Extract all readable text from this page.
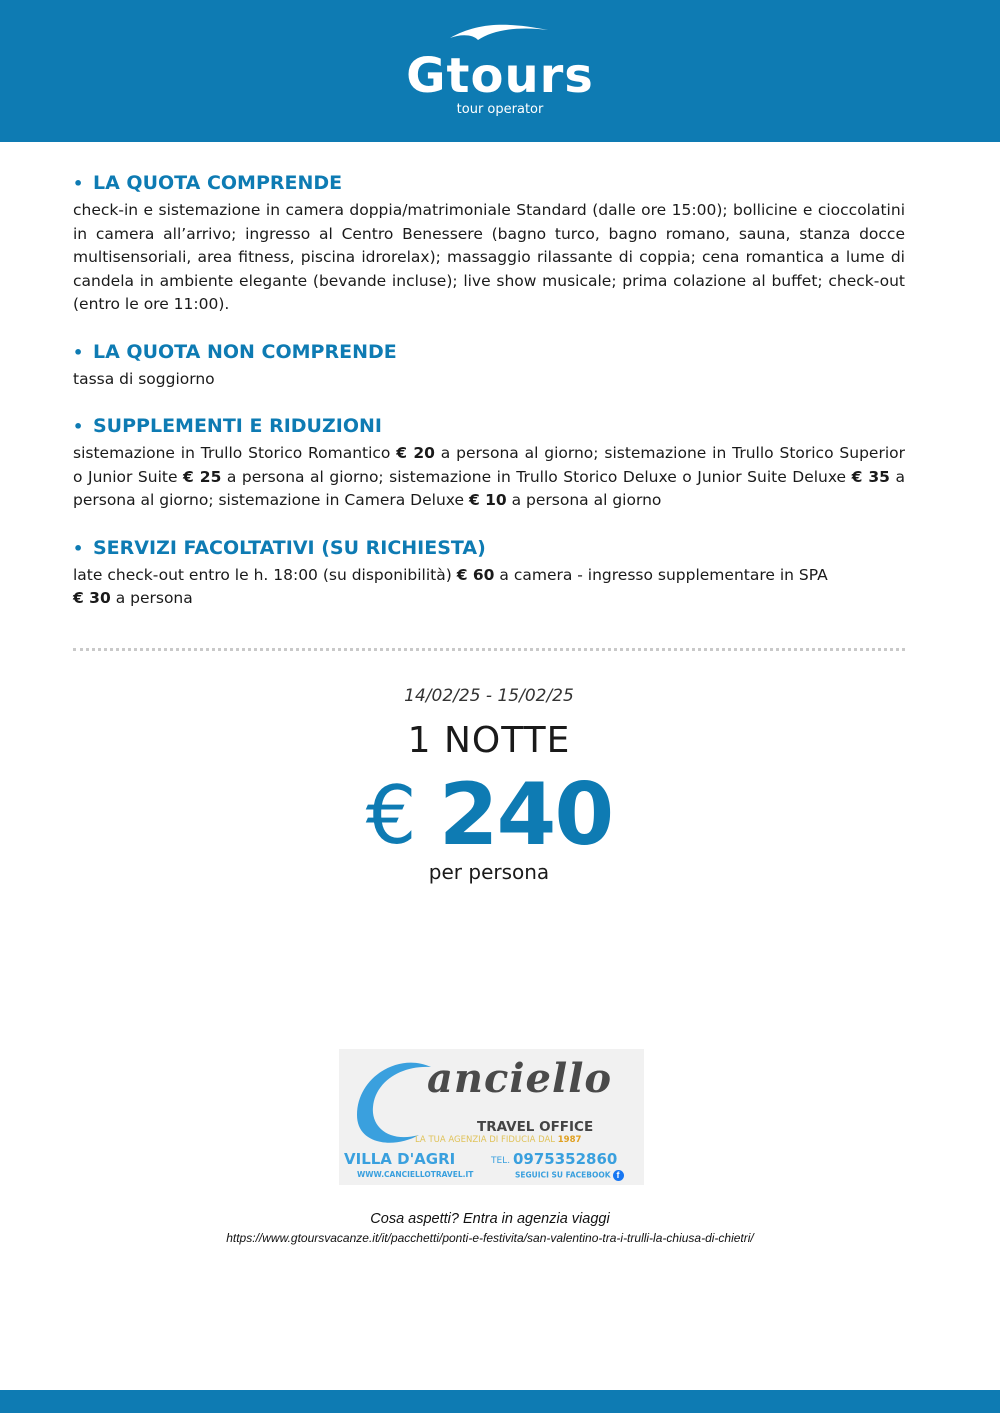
Gtours
tour operator
• LA QUOTA COMPRENDE
check-in e sistemazione in camera doppia/matrimoniale Standard (dalle ore 15:00); bollicine e cioccolatini in camera all’arrivo; ingresso al Centro Benessere (bagno turco, bagno romano, sauna, stanza docce multisensoriali, area fitness, piscina idrorelax); massaggio rilassante di coppia; cena romantica a lume di candela in ambiente elegante (bevande incluse); live show musicale; prima colazione al buffet; check-out (entro le ore 11:00).
• LA QUOTA NON COMPRENDE
tassa di soggiorno
• SUPPLEMENTI E RIDUZIONI
sistemazione in Trullo Storico Romantico € 20 a persona al giorno; sistemazione in Trullo Storico Superior o Junior Suite € 25 a persona al giorno; sistemazione in Trullo Storico Deluxe o Junior Suite Deluxe € 35 a persona al giorno; sistemazione in Camera Deluxe € 10 a persona al giorno
• SERVIZI FACOLTATIVI (SU RICHIESTA)
late check-out entro le h. 18:00 (su disponibilità) € 60 a camera - ingresso supplementare in SPA
€ 30 a persona
14/02/25 - 15/02/25
1 NOTTE
€ 240
per persona
anciello
TRAVEL OFFICE
LA TUA AGENZIA DI FIDUCIA DAL 1987
VILLA D'AGRI	TEL. 0975352860
WWW.CANCIELLOTRAVEL.IT	SEGUICI SU FACEBOOK f
Cosa aspetti? Entra in agenzia viaggi
https://www.gtoursvacanze.it/it/pacchetti/ponti-e-festivita/san-valentino-tra-i-trulli-la-chiusa-di-chietri/
